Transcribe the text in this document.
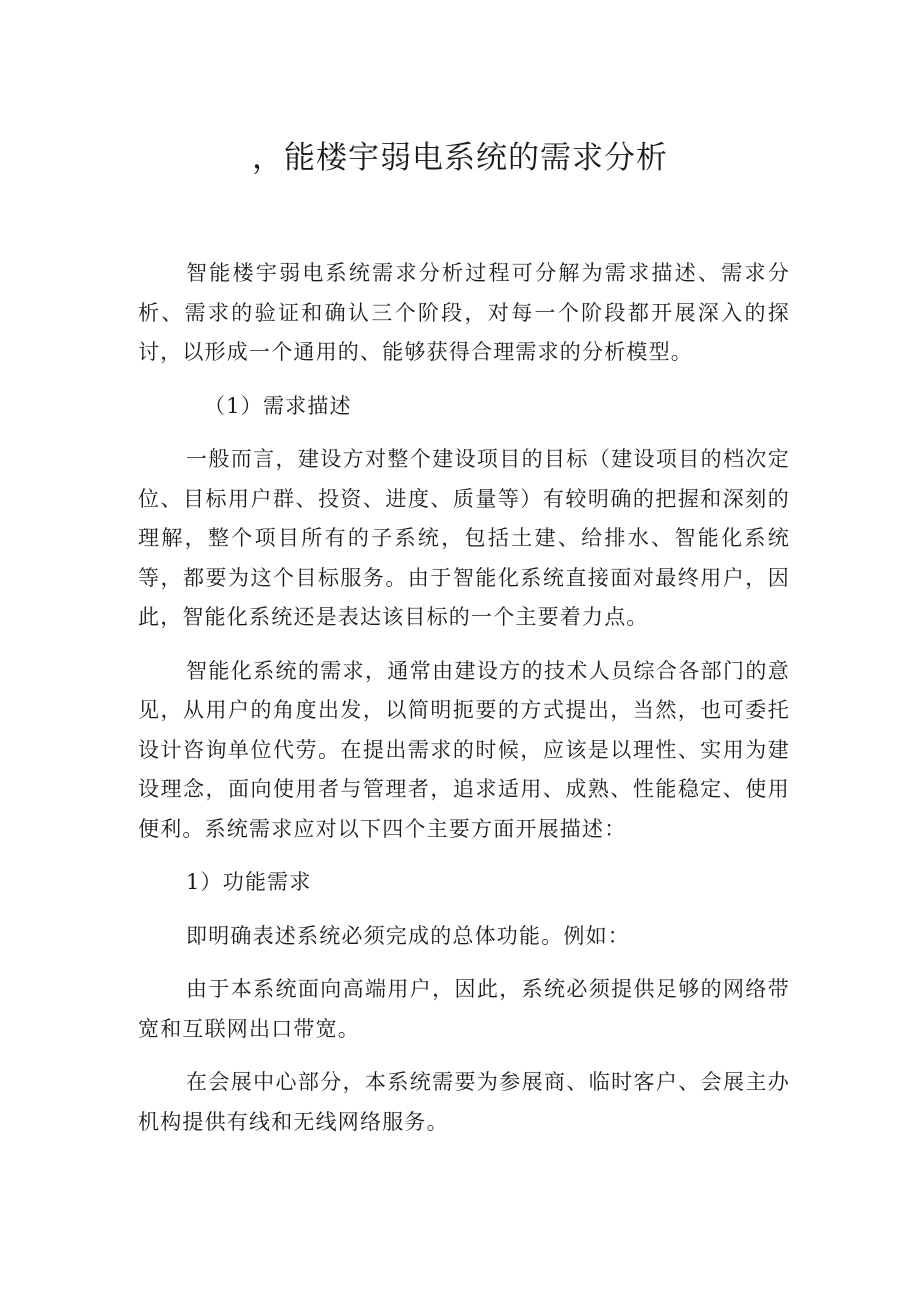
，能楼宇弱电系统的需求分析

智能楼宇弱电系统需求分析过程可分解为需求描述、需求分析、需求的验证和确认三个阶段，对每一个阶段都开展深入的探讨，以形成一个通用的、能够获得合理需求的分析模型。

（1）需求描述

一般而言，建设方对整个建设项目的目标（建设项目的档次定位、目标用户群、投资、进度、质量等）有较明确的把握和深刻的理解，整个项目所有的子系统，包括土建、给排水、智能化系统等，都要为这个目标服务。由于智能化系统直接面对最终用户，因此，智能化系统还是表达该目标的一个主要着力点。

智能化系统的需求，通常由建设方的技术人员综合各部门的意见，从用户的角度出发，以简明扼要的方式提出，当然，也可委托设计咨询单位代劳。在提出需求的时候，应该是以理性、实用为建设理念，面向使用者与管理者，追求适用、成熟、性能稳定、使用便利。系统需求应对以下四个主要方面开展描述：

1）功能需求

即明确表述系统必须完成的总体功能。例如：

由于本系统面向高端用户，因此，系统必须提供足够的网络带宽和互联网出口带宽。

在会展中心部分，本系统需要为参展商、临时客户、会展主办机构提供有线和无线网络服务。
